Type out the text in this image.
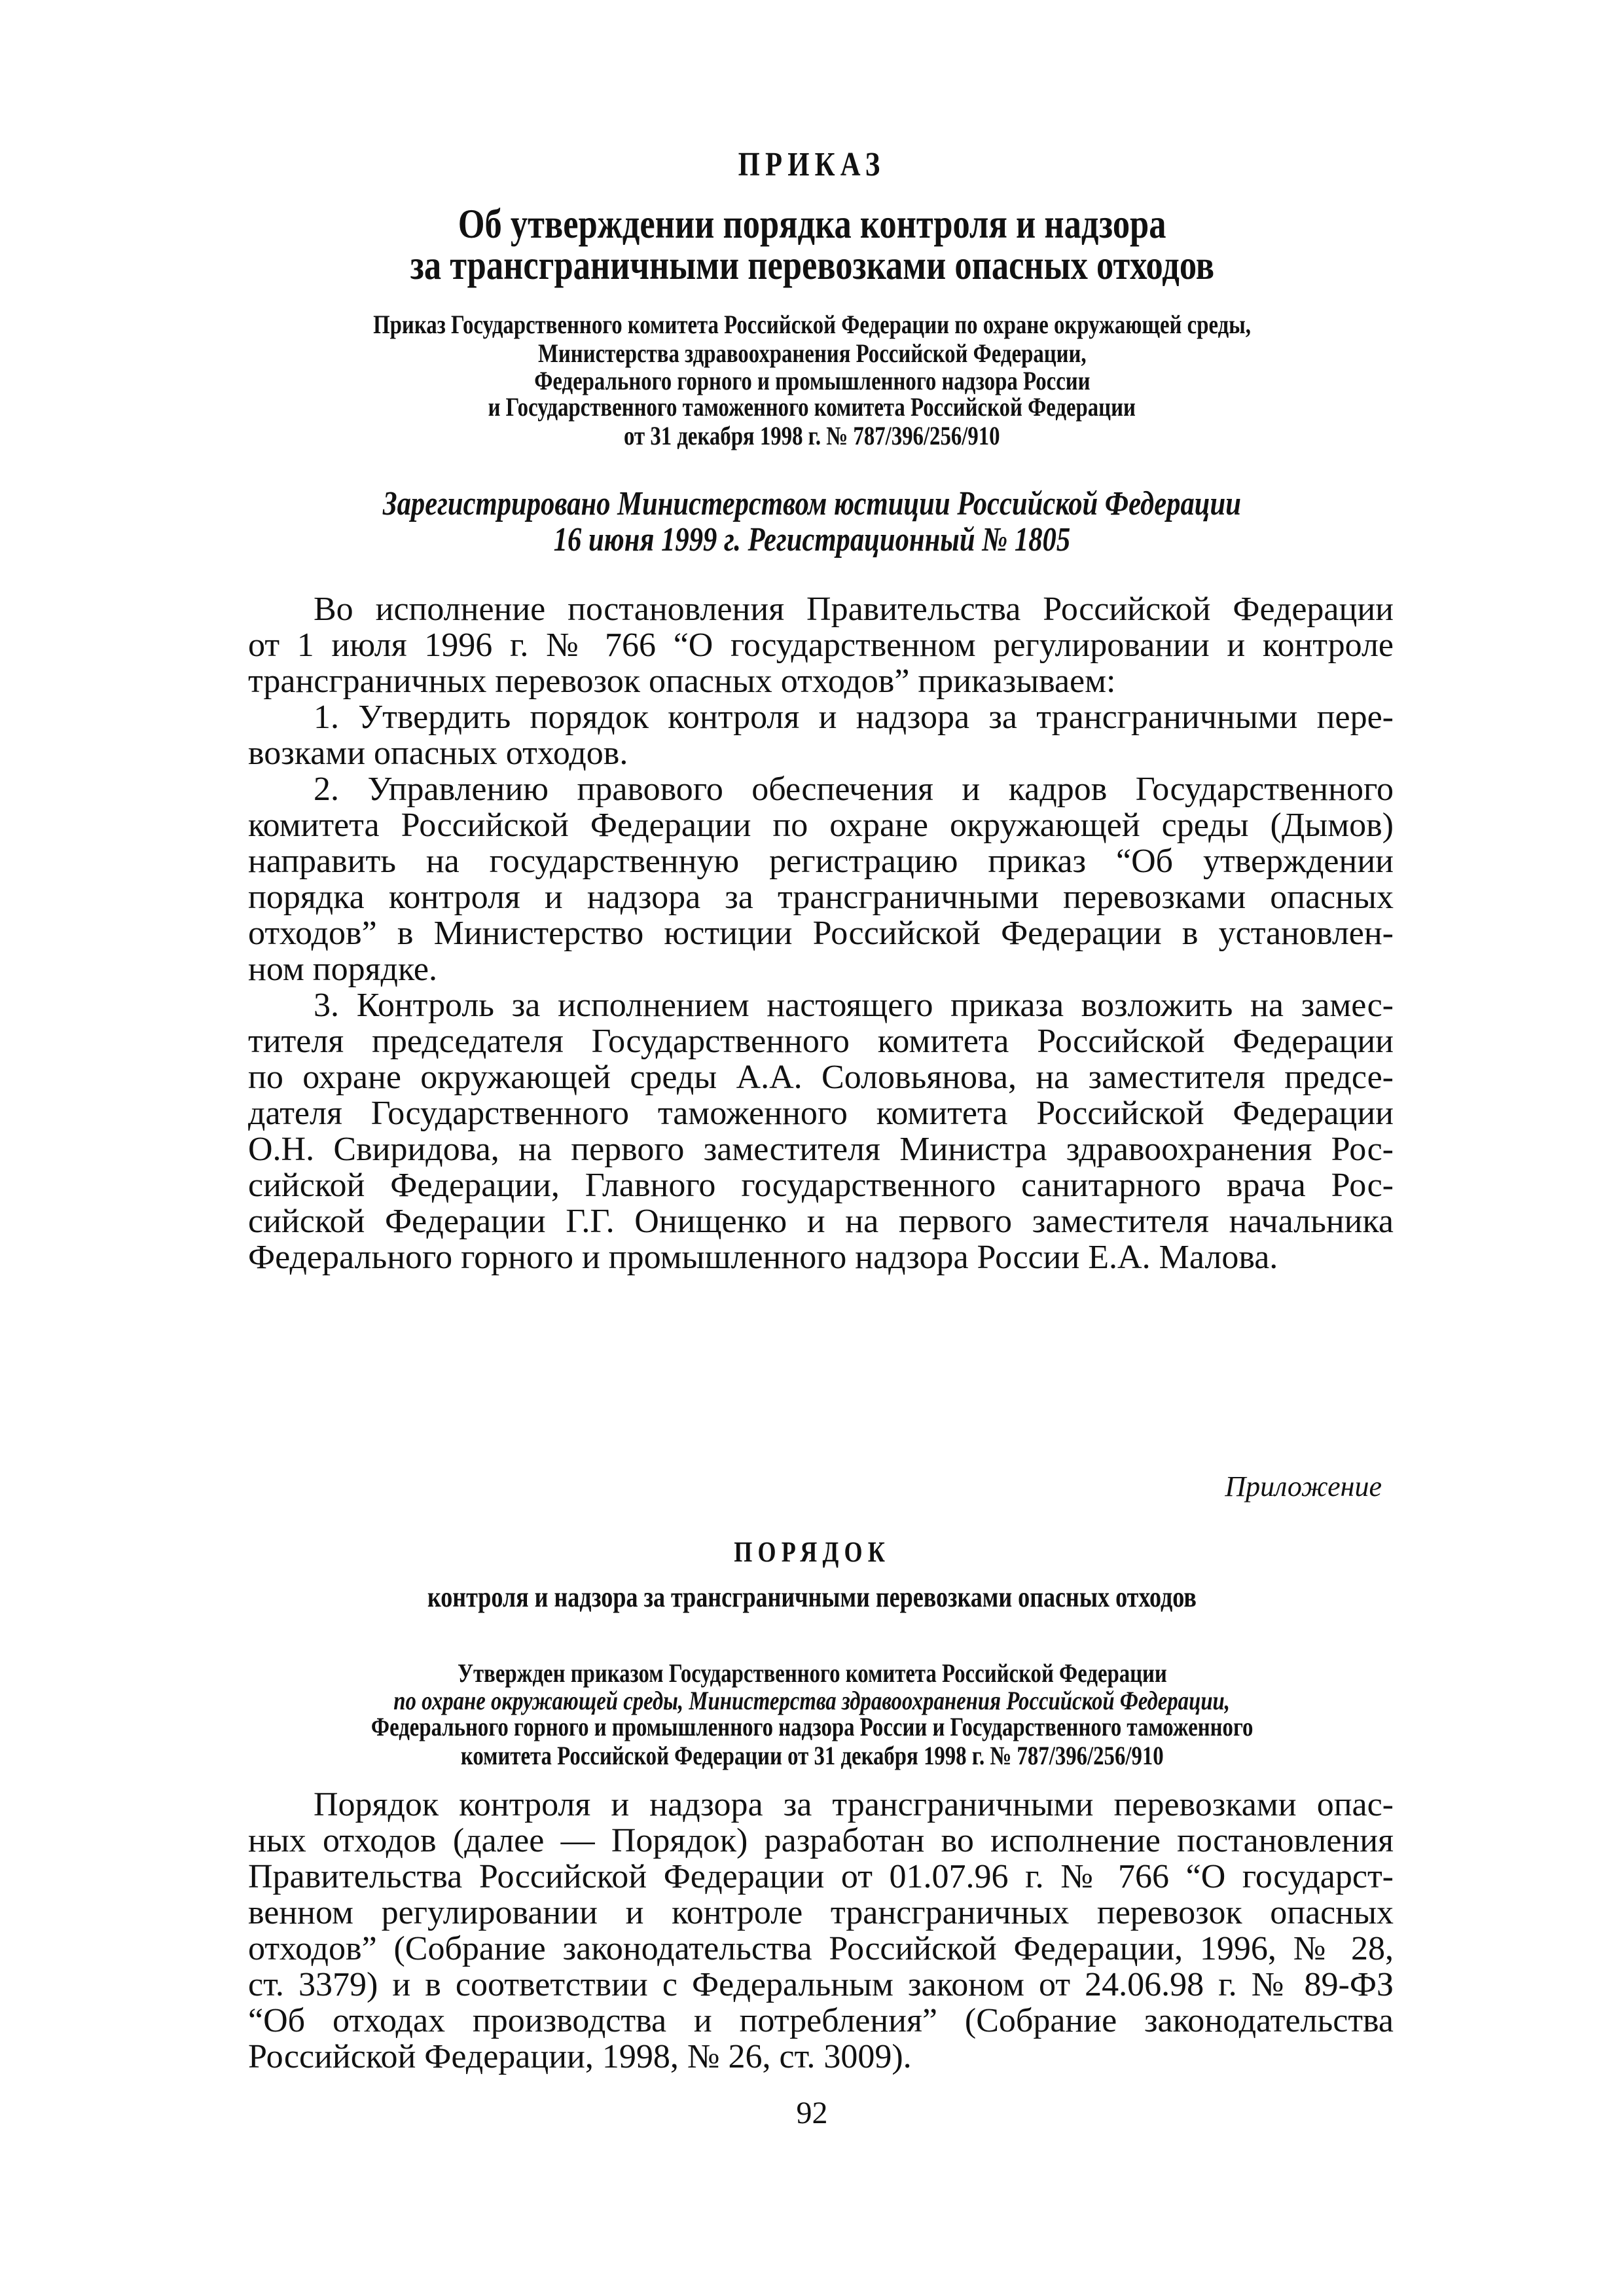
ПРИКАЗ
Об утверждении порядка контроля и надзора
за трансграничными перевозками опасных отходов
Приказ Государственного комитета Российской Федерации по охране окружающей среды,
Министерства здравоохранения Российской Федерации,
Федерального горного и промышленного надзора России
и Государственного таможенного комитета Российской Федерации
от 31 декабря 1998 г. № 787/396/256/910
Зарегистрировано Министерством юстиции Российской Федерации
16 июня 1999 г. Регистрационный № 1805
Во исполнение постановления Правительства Российской Федерации
от 1 июля 1996 г. № 766 “О государственном регулировании и контроле
трансграничных перевозок опасных отходов” приказываем:
1. Утвердить порядок контроля и надзора за трансграничными пере-
возками опасных отходов.
2. Управлению правового обеспечения и кадров Государственного
комитета Российской Федерации по охране окружающей среды (Дымов)
направить на государственную регистрацию приказ “Об утверждении
порядка контроля и надзора за трансграничными перевозками опасных
отходов” в Министерство юстиции Российской Федерации в установлен-
ном порядке.
3. Контроль за исполнением настоящего приказа возложить на замес-
тителя председателя Государственного комитета Российской Федерации
по охране окружающей среды А.А. Соловьянова, на заместителя предсе-
дателя Государственного таможенного комитета Российской Федерации
О.Н. Свиридова, на первого заместителя Министра здравоохранения Рос-
сийской Федерации, Главного государственного санитарного врача Рос-
сийской Федерации Г.Г. Онищенко и на первого заместителя начальника
Федерального горного и промышленного надзора России Е.А. Малова.
Приложение
ПОРЯДОК
контроля и надзора за трансграничными перевозками опасных отходов
Утвержден приказом Государственного комитета Российской Федерации
по охране окружающей среды, Министерства здравоохранения Российской Федерации,
Федерального горного и промышленного надзора России и Государственного таможенного
комитета Российской Федерации от 31 декабря 1998 г. № 787/396/256/910
Порядок контроля и надзора за трансграничными перевозками опас-
ных отходов (далее — Порядок) разработан во исполнение постановления
Правительства Российской Федерации от 01.07.96 г. № 766 “О государст-
венном регулировании и контроле трансграничных перевозок опасных
отходов” (Собрание законодательства Российской Федерации, 1996, № 28,
ст. 3379) и в соответствии с Федеральным законом от 24.06.98 г. № 89-ФЗ
“Об отходах производства и потребления” (Собрание законодательства
Российской Федерации, 1998, № 26, ст. 3009).
92
